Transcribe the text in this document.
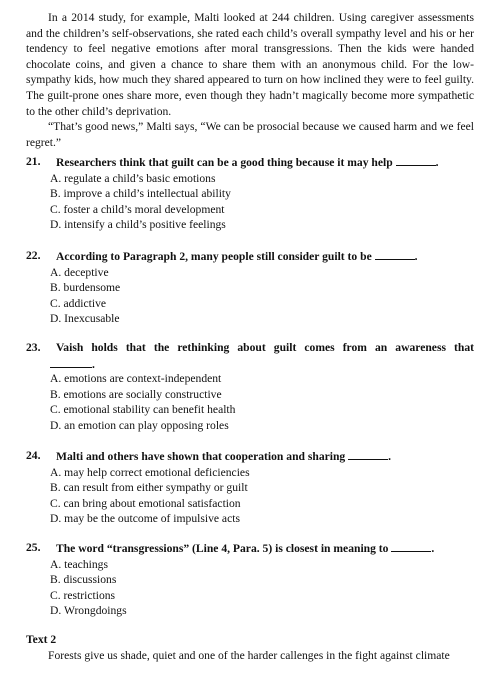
In a 2014 study, for example, Malti looked at 244 children. Using caregiver assessments and the children’s self-observations, she rated each child’s overall sympathy level and his or her tendency to feel negative emotions after moral transgressions. Then the kids were handed chocolate coins, and given a chance to share them with an anonymous child. For the low-sympathy kids, how much they shared appeared to turn on how inclined they were to feel guilty. The guilt-prone ones share more, even though they hadn’t magically become more sympathetic to the other child’s deprivation.

“That’s good news,” Malti says, “We can be prosocial because we caused harm and we feel regret.”

21.	Researchers think that guilt can be a good thing because it may help	.
A. regulate a child’s basic emotions
B. improve a child’s intellectual ability
C. foster a child’s moral development
D. intensify a child’s positive feelings
22.	According to Paragraph 2, many people still consider guilt to be	.
A. deceptive
B. burdensome
C. addictive
D. Inexcusable
23.	Vaish holds that the rethinking about guilt comes from an awareness that
.
A. emotions are context-independent
B. emotions are socially constructive
C. emotional stability can benefit health
D. an emotion can play opposing roles
24.	Malti and others have shown that cooperation and sharing	.
A. may help correct emotional deficiencies
B. can result from either sympathy or guilt
C. can bring about emotional satisfaction
D. may be the outcome of impulsive acts
25.	The word “transgressions” (Line 4, Para. 5) is closest in meaning to	.
A. teachings
B. discussions
C. restrictions
D. Wrongdoings
Text 2

Forests give us shade, quiet and one of the harder callenges in the fight against climate
